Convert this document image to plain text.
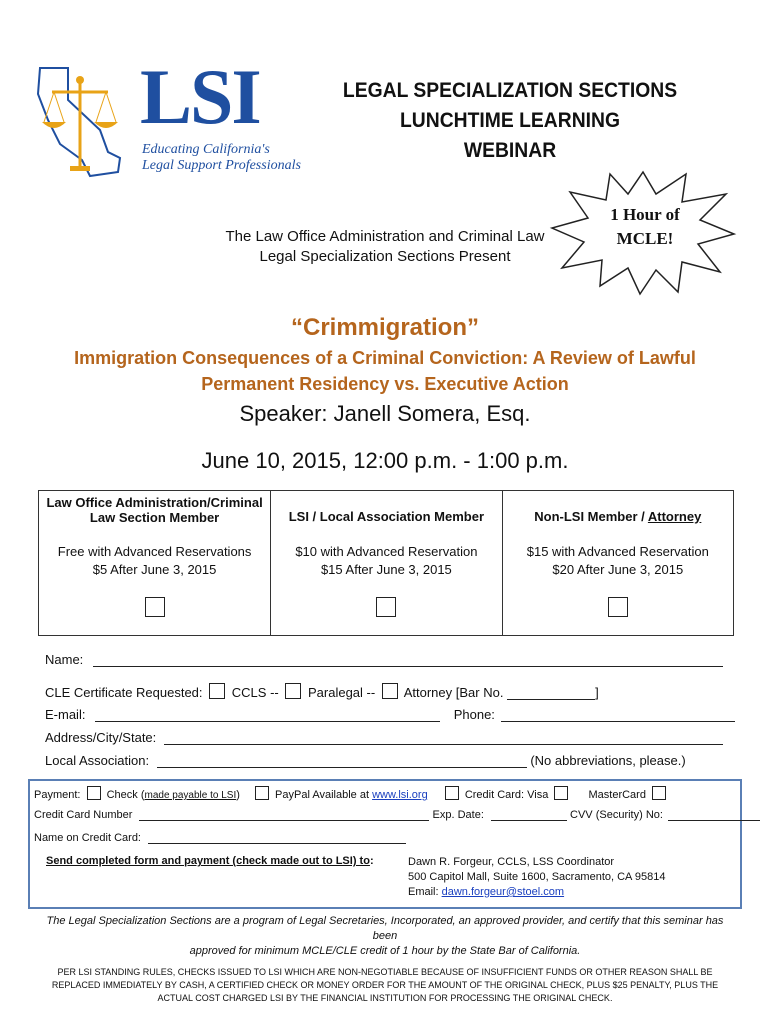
LSI
Educating California's
Legal Support Professionals
LEGAL SPECIALIZATION SECTIONS
LUNCHTIME LEARNING
WEBINAR
1 Hour of
MCLE!
The Law Office Administration and Criminal Law
Legal Specialization Sections Present
“Crimmigration”
Immigration Consequences of a Criminal Conviction: A Review of Lawful
Permanent Residency vs. Executive Action
Speaker: Janell Somera, Esq.
June 10, 2015, 12:00 p.m. - 1:00 p.m.
Law Office Administration/Criminal
Law Section Member
Free with Advanced Reservations
$5 After June 3, 2015

LSI / Local Association Member
$10 with Advanced Reservation
$15 After June 3, 2015

Non-LSI Member / Attorney
$15 with Advanced Reservation
$20 After June 3, 2015
Name:
CLE Certificate Requested: CCLS -- Paralegal -- Attorney [Bar No.	]
E-mail:	Phone:
Address/City/State:
Local Association:	(No abbreviations, please.)
Payment: Check (made payable to LSI)	PayPal Available at www.lsi.org	Credit Card: Visa	MasterCard
Credit Card Number	Exp. Date:	CVV (Security) No:
Name on Credit Card:
Send completed form and payment (check made out to LSI) to:	Dawn R. Forgeur, CCLS, LSS Coordinator
500 Capitol Mall, Suite 1600, Sacramento, CA 95814
Email: dawn.forgeur@stoel.com
The Legal Specialization Sections are a program of Legal Secretaries, Incorporated, an approved provider, and certify that this seminar has been
approved for minimum MCLE/CLE credit of 1 hour by the State Bar of California.
PER LSI STANDING RULES, CHECKS ISSUED TO LSI WHICH ARE NON-NEGOTIABLE BECAUSE OF INSUFFICIENT FUNDS OR OTHER REASON SHALL BE
REPLACED IMMEDIATELY BY CASH, A CERTIFIED CHECK OR MONEY ORDER FOR THE AMOUNT OF THE ORIGINAL CHECK, PLUS $25 PENALTY, PLUS THE
ACTUAL COST CHARGED LSI BY THE FINANCIAL INSTITUTION FOR PROCESSING THE ORIGINAL CHECK.
